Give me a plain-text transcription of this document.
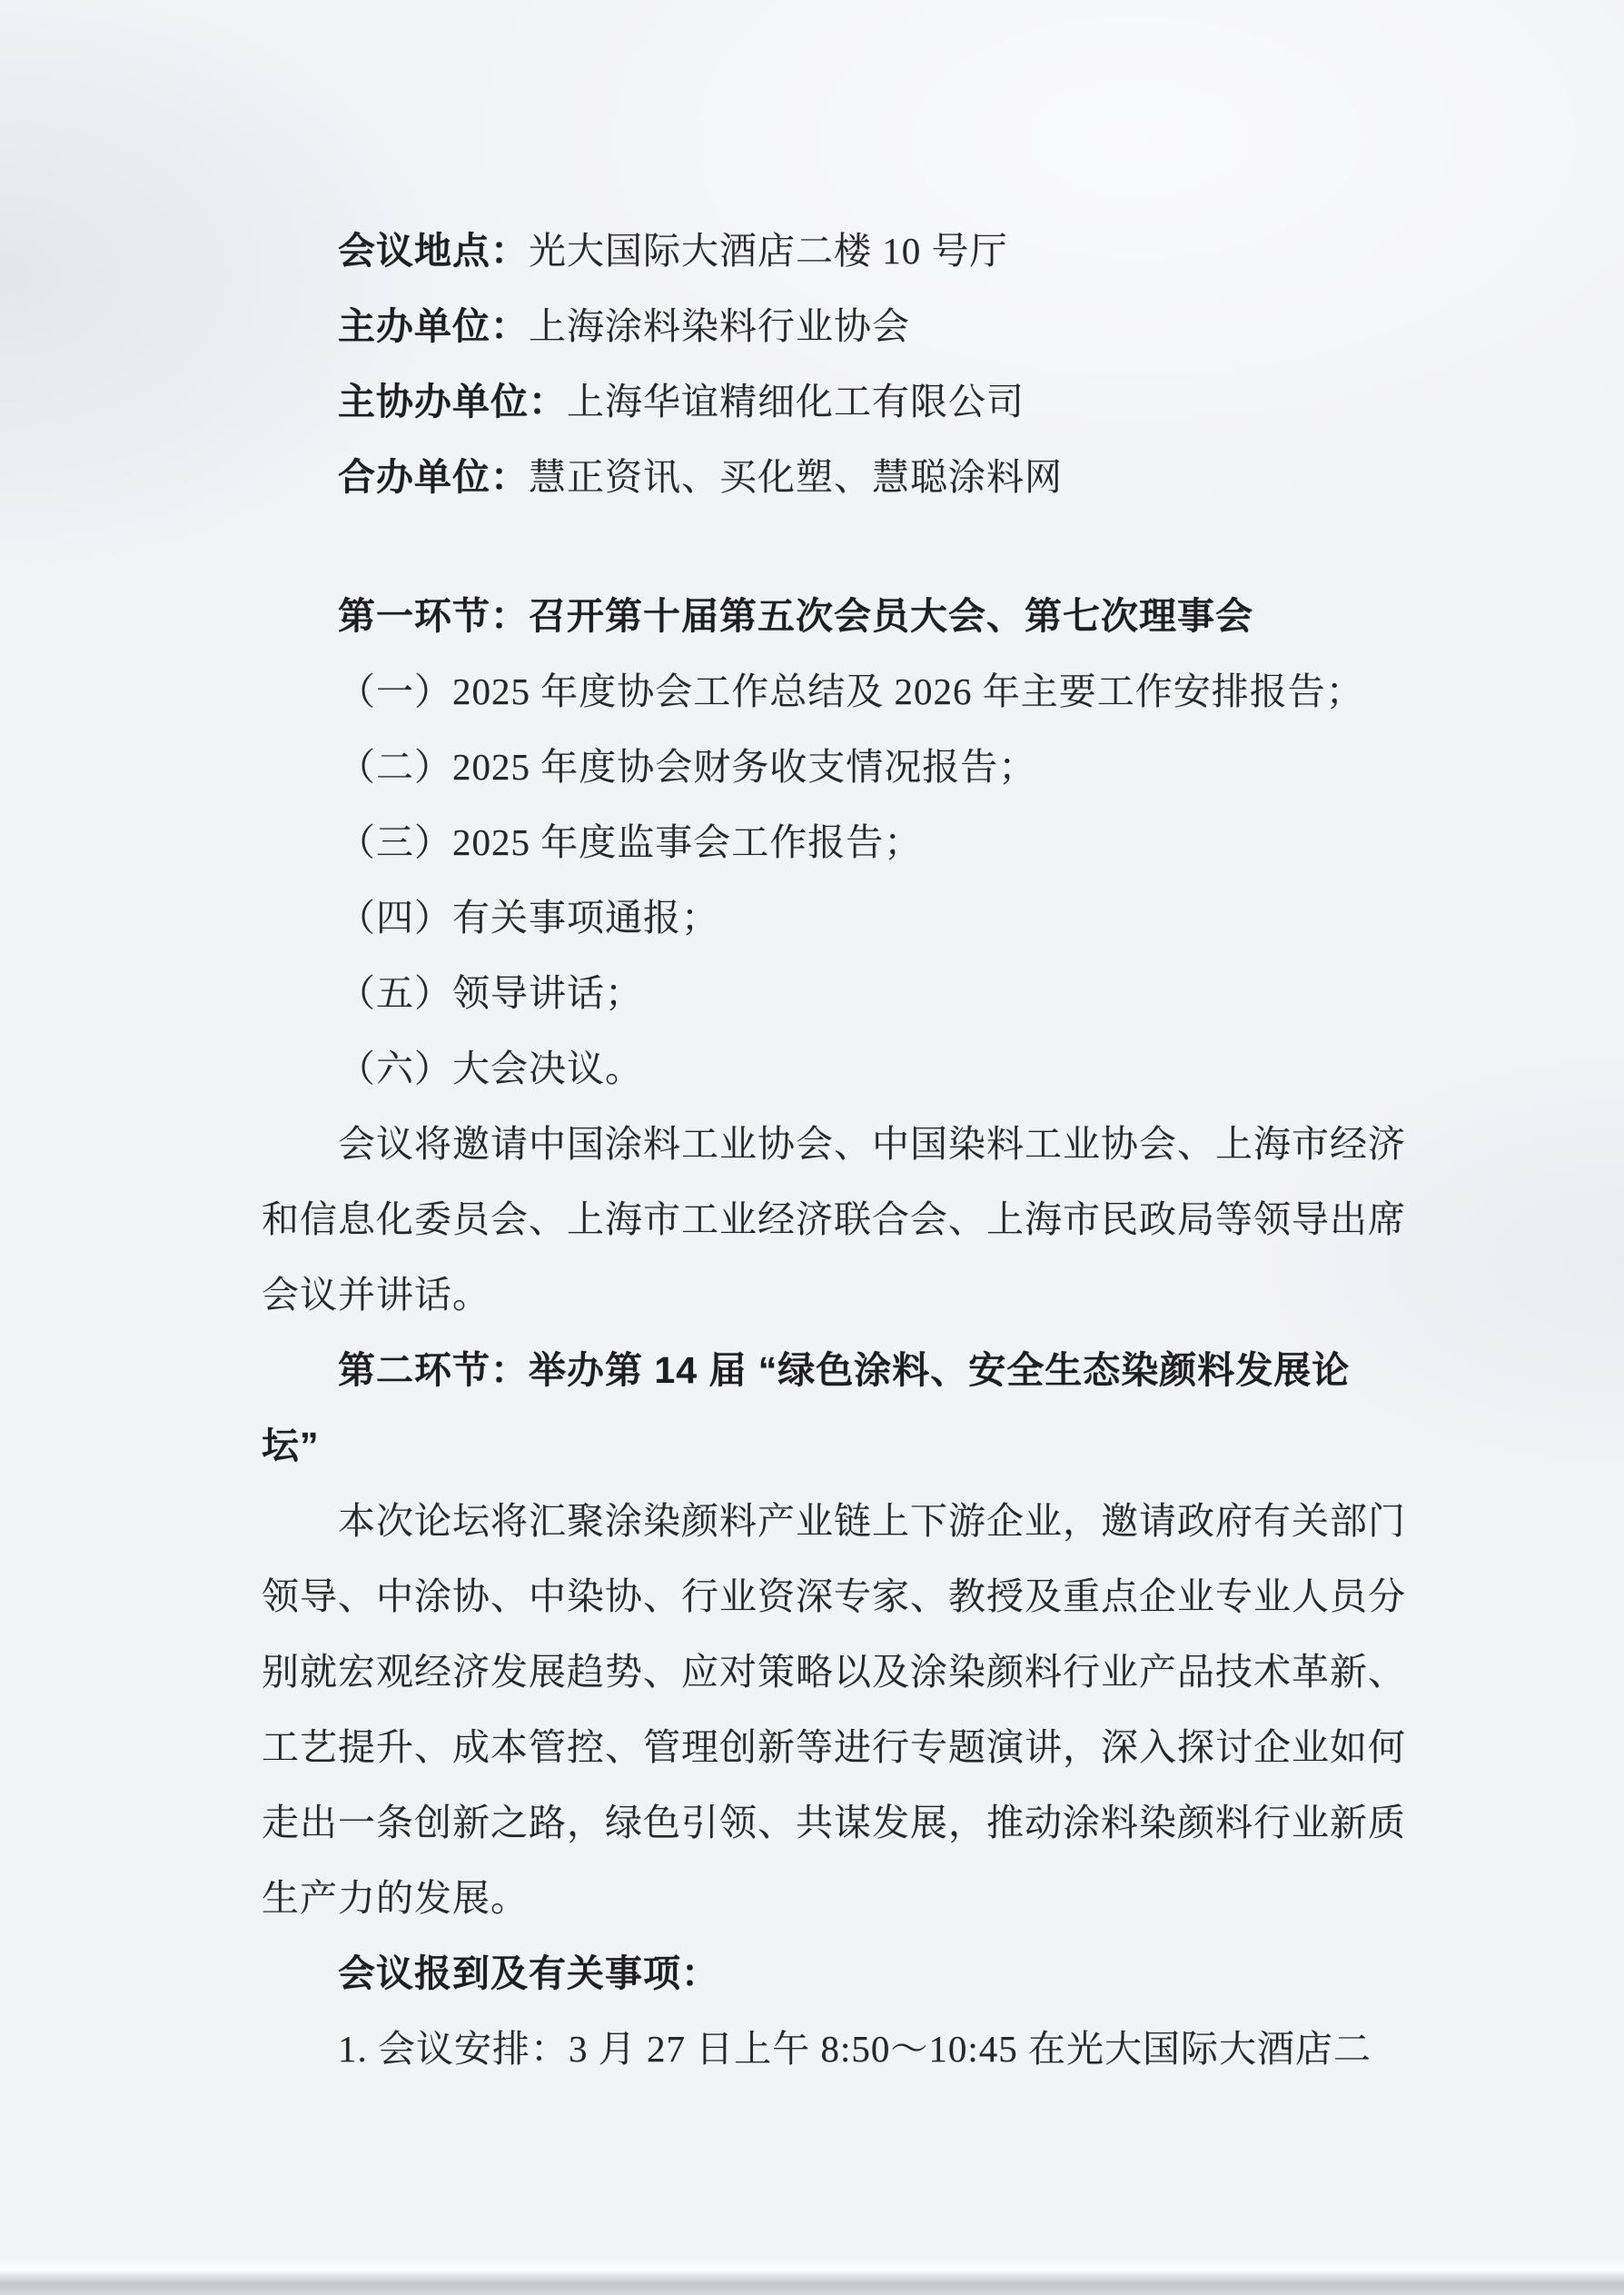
会议地点：光大国际大酒店二楼 10 号厅

主办单位：上海涂料染料行业协会

主协办单位：上海华谊精细化工有限公司

合办单位：慧正资讯、买化塑、慧聪涂料网

第一环节：召开第十届第五次会员大会、第七次理事会

（一）2025 年度协会工作总结及 2026 年主要工作安排报告；

（二）2025 年度协会财务收支情况报告；

（三）2025 年度监事会工作报告；

（四）有关事项通报；

（五）领导讲话；

（六）大会决议。

会议将邀请中国涂料工业协会、中国染料工业协会、上海市经济

和信息化委员会、上海市工业经济联合会、上海市民政局等领导出席

会议并讲话。

第二环节：举办第 14 届 “绿色涂料、安全生态染颜料发展论

坛”

本次论坛将汇聚涂染颜料产业链上下游企业，邀请政府有关部门

领导、中涂协、中染协、行业资深专家、教授及重点企业专业人员分

别就宏观经济发展趋势、应对策略以及涂染颜料行业产品技术革新、

工艺提升、成本管控、管理创新等进行专题演讲，深入探讨企业如何

走出一条创新之路，绿色引领、共谋发展，推动涂料染颜料行业新质

生产力的发展。

会议报到及有关事项：

1. 会议安排：3 月 27 日上午 8:50～10:45 在光大国际大酒店二
